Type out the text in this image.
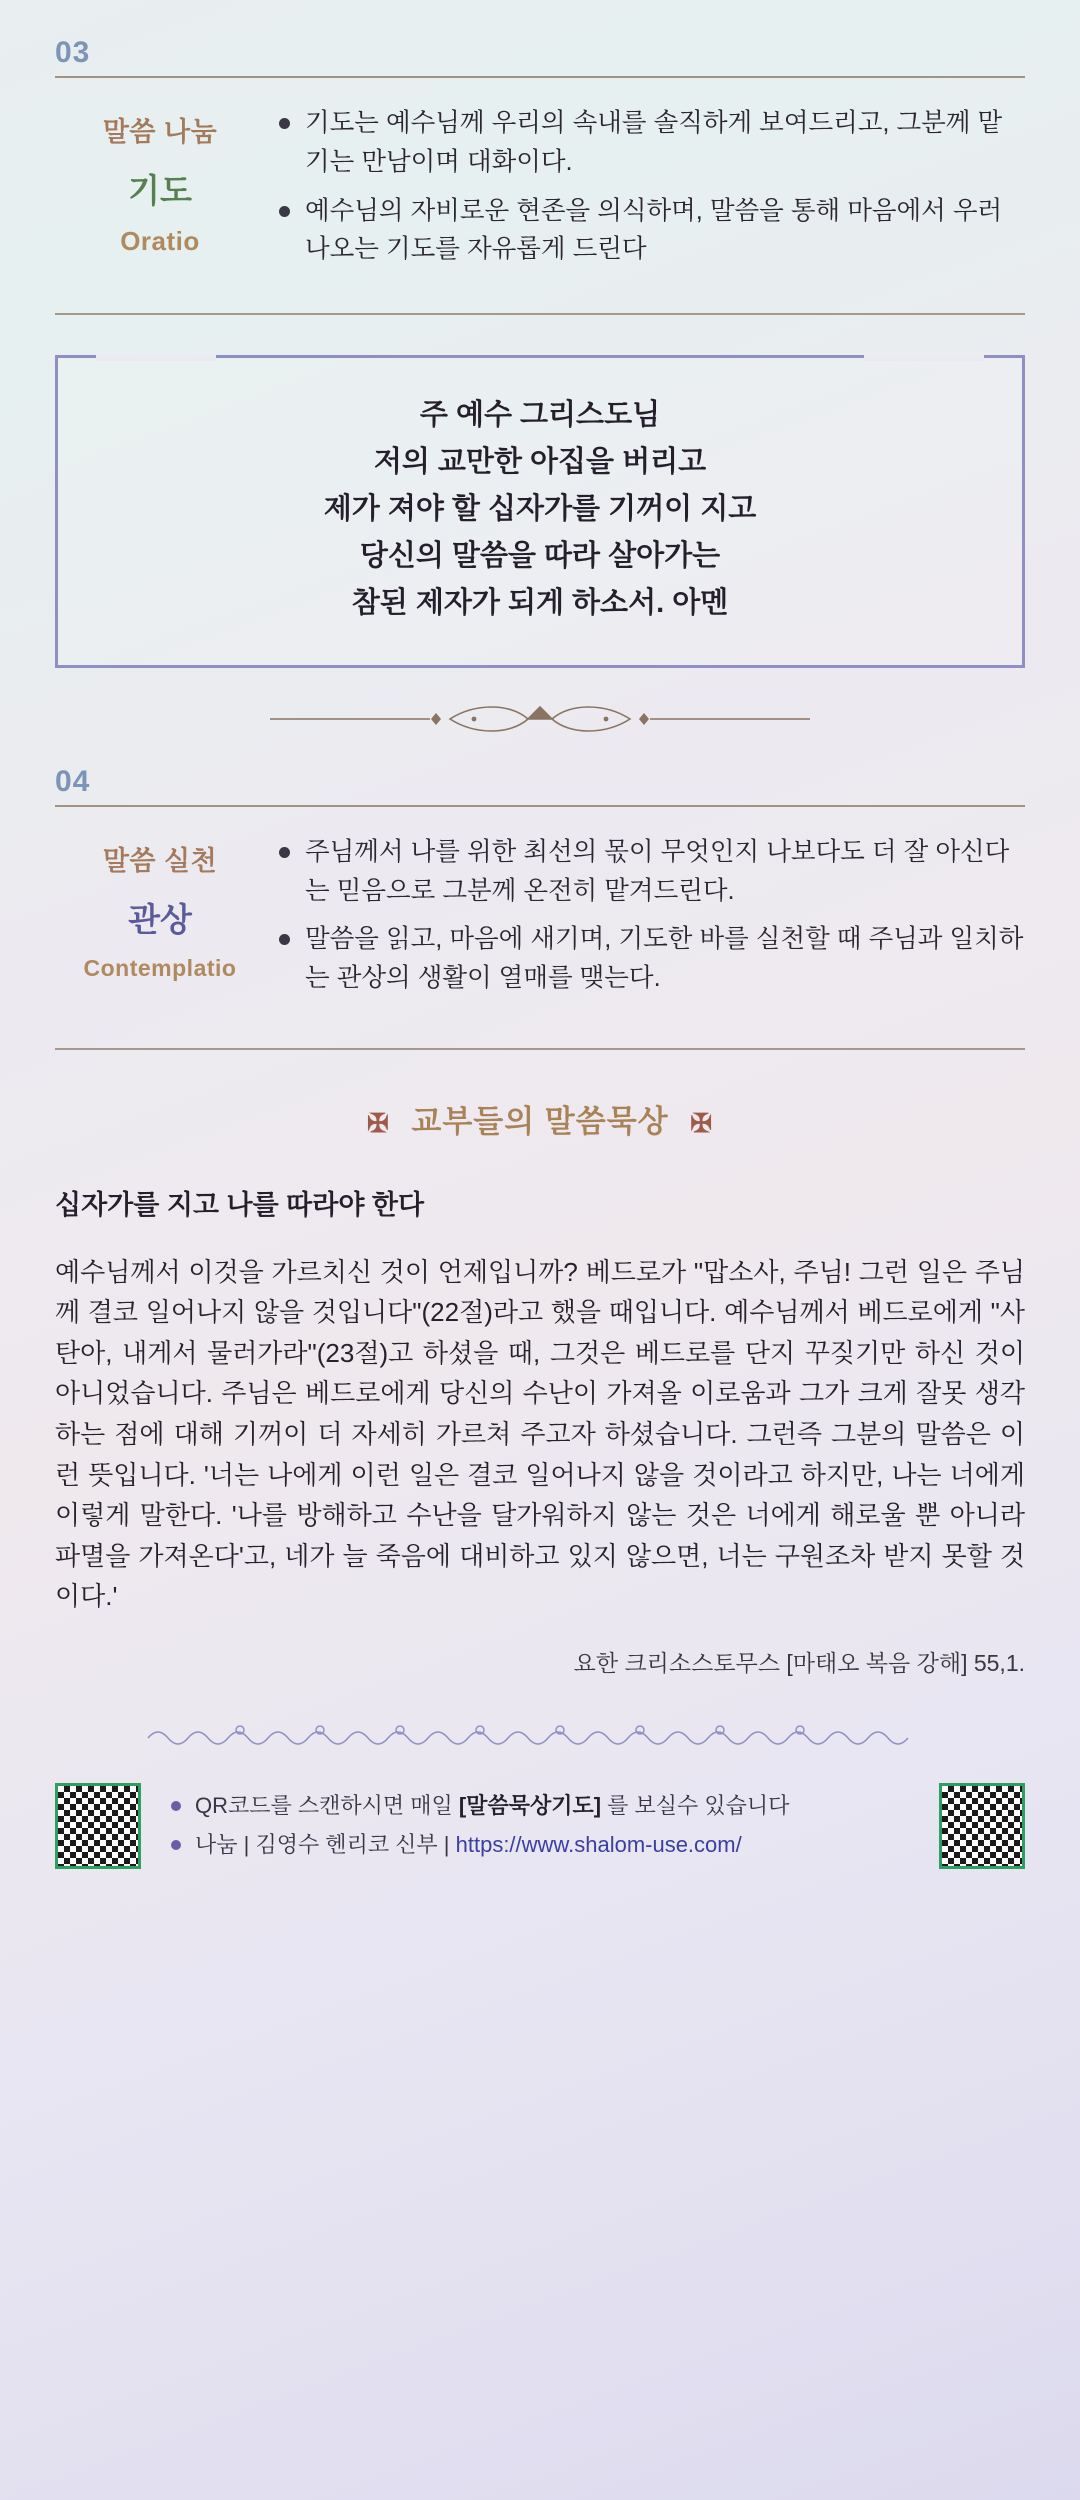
03
말씀 나눔
기도
Oratio
기도는 예수님께 우리의 속내를 솔직하게 보여드리고, 그분께 맡기는 만남이며 대화이다.
예수님의 자비로운 현존을 의식하며, 말씀을 통해 마음에서 우러나오는 기도를 자유롭게 드린다
주 예수 그리스도님
저의 교만한 아집을 버리고
제가 져야 할 십자가를 기꺼이 지고
당신의 말씀을 따라 살아가는
참된 제자가 되게 하소서. 아멘
04
말씀 실천
관상
Contemplatio
주님께서 나를 위한 최선의 몫이 무엇인지 나보다도 더 잘 아신다는 믿음으로 그분께 온전히 맡겨드린다.
말씀을 읽고, 마음에 새기며, 기도한 바를 실천할 때 주님과 일치하는 관상의 생활이 열매를 맺는다.
✠ 교부들의 말씀묵상 ✠
십자가를 지고 나를 따라야 한다
예수님께서 이것을 가르치신 것이 언제입니까? 베드로가 "맙소사, 주님! 그런 일은 주님께 결코 일어나지 않을 것입니다"(22절)라고 했을 때입니다. 예수님께서 베드로에게 "사탄아, 내게서 물러가라"(23절)고 하셨을 때, 그것은 베드로를 단지 꾸짖기만 하신 것이 아니었습니다. 주님은 베드로에게 당신의 수난이 가져올 이로움과 그가 크게 잘못 생각하는 점에 대해 기꺼이 더 자세히 가르쳐 주고자 하셨습니다. 그런즉 그분의 말씀은 이런 뜻입니다. '너는 나에게 이런 일은 결코 일어나지 않을 것이라고 하지만, 나는 너에게 이렇게 말한다. '나를 방해하고 수난을 달가워하지 않는 것은 너에게 해로울 뿐 아니라 파멸을 가져온다'고, 네가 늘 죽음에 대비하고 있지 않으면, 너는 구원조차 받지 못할 것이다.'
요한 크리소스토무스 [마태오 복음 강해] 55,1.
QR코드를 스캔하시면 매일 [말씀묵상기도] 를 보실수 있습니다
나눔 | 김영수 헨리코 신부 | https://www.shalom-use.com/
